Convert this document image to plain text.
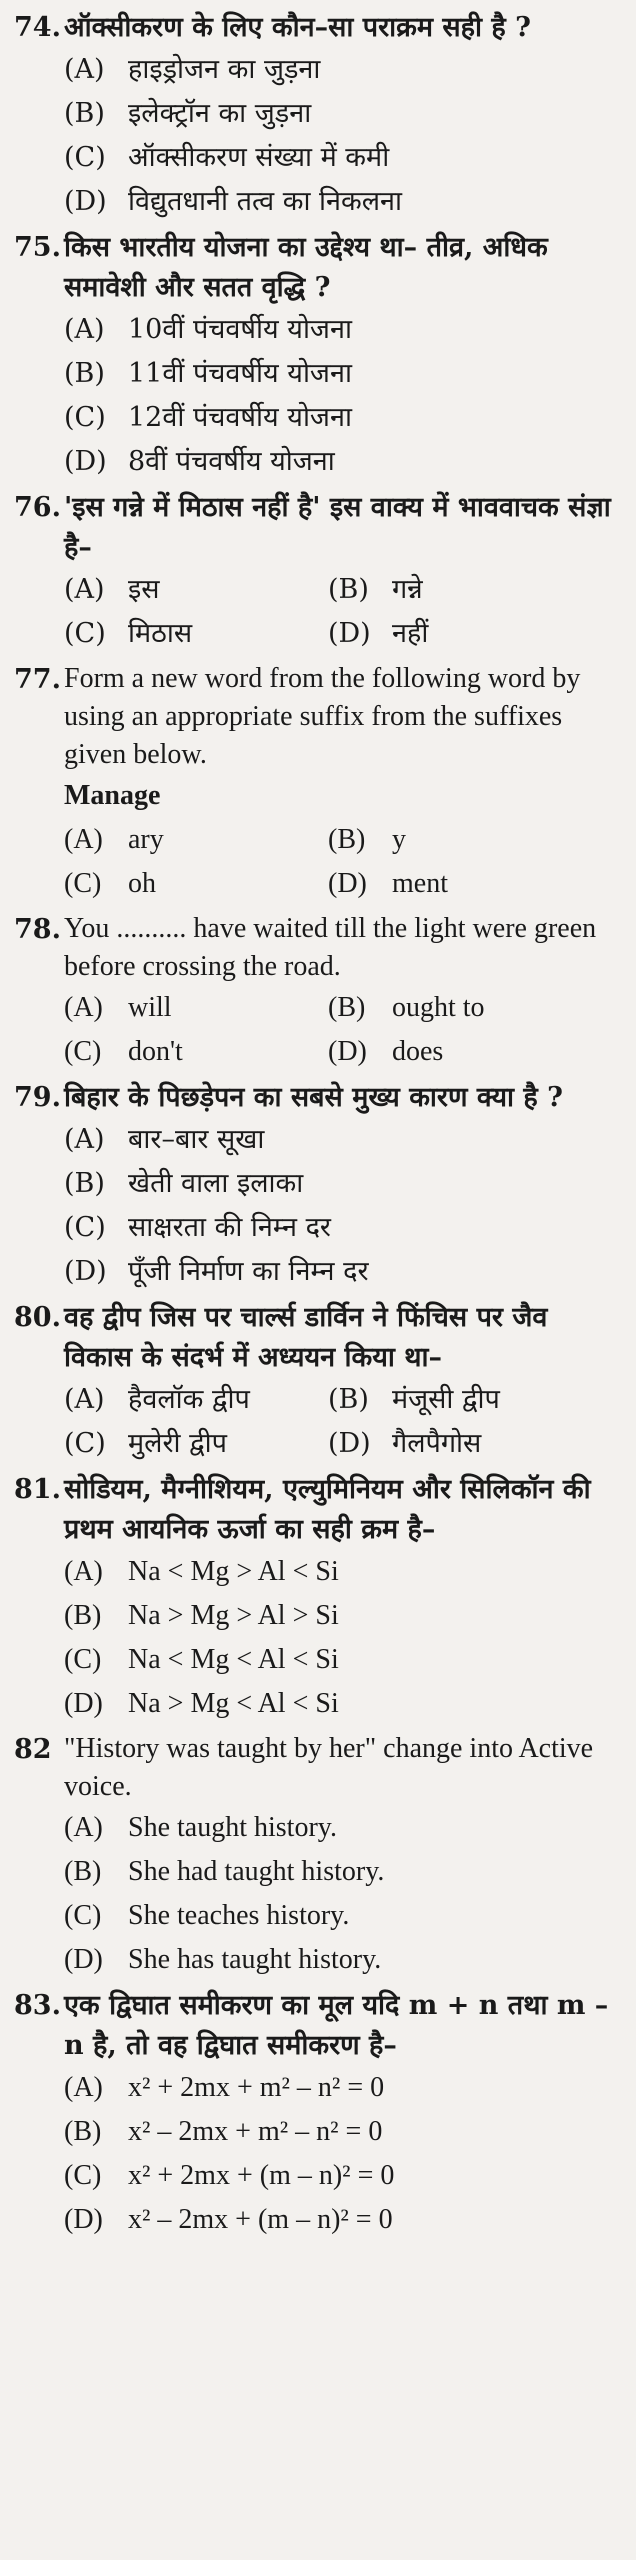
74. ऑक्सीकरण के लिए कौन–सा पराक्रम सही है ?
(A) हाइड्रोजन का जुड़ना
(B) इलेक्ट्रॉन का जुड़ना
(C) ऑक्सीकरण संख्या में कमी
(D) विद्युतधानी तत्व का निकलना
75. किस भारतीय योजना का उद्देश्य था– तीव्र, अधिक समावेशी और सतत वृद्धि ?
(A) 10वीं पंचवर्षीय योजना
(B) 11वीं पंचवर्षीय योजना
(C) 12वीं पंचवर्षीय योजना
(D) 8वीं पंचवर्षीय योजना
76. 'इस गन्ने में मिठास नहीं है' इस वाक्य में भाववाचक संज्ञा है–
(A) इस	(B) गन्ने
(C) मिठास	(D) नहीं
77. Form a new word from the following word by using an appropriate suffix from the suffixes given below.
Manage
(A) ary	(B) y
(C) oh	(D) ment
78. You .......... have waited till the light were green before crossing the road.
(A) will	(B) ought to
(C) don't	(D) does
79. बिहार के पिछड़ेपन का सबसे मुख्य कारण क्या है ?
(A) बार–बार सूखा
(B) खेती वाला इलाका
(C) साक्षरता की निम्न दर
(D) पूँजी निर्माण का निम्न दर
80. वह द्वीप जिस पर चार्ल्स डार्विन ने फिंचिस पर जैव विकास के संदर्भ में अध्ययन किया था–
(A) हैवलॉक द्वीप	(B) मंजूसी द्वीप
(C) मुलेरी द्वीप	(D) गैलपैगोस
81. सोडियम, मैग्नीशियम, एल्युमिनियम और सिलिकॉन की प्रथम आयनिक ऊर्जा का सही क्रम है–
(A) Na < Mg > Al < Si
(B) Na > Mg > Al > Si
(C) Na < Mg < Al < Si
(D) Na > Mg < Al < Si
82 "History was taught by her" change into Active voice.
(A) She taught history.
(B) She had taught history.
(C) She teaches history.
(D) She has taught history.
83. एक द्विघात समीकरण का मूल यदि m + n तथा m – n है, तो वह द्विघात समीकरण है–
(A) x² + 2mx + m² – n² = 0
(B) x² – 2mx + m² – n² = 0
(C) x² + 2mx + (m – n)² = 0
(D) x² – 2mx + (m – n)² = 0
